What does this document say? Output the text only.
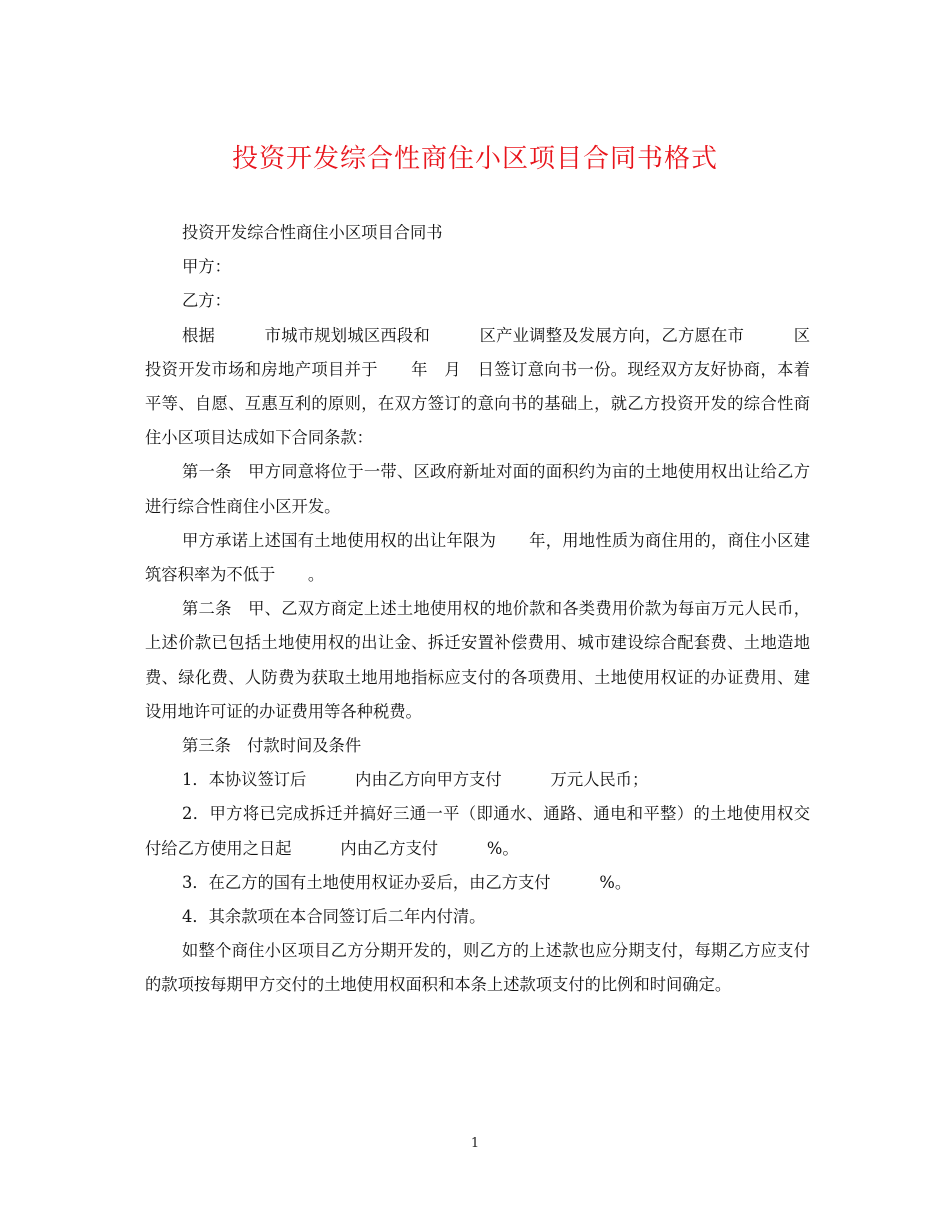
投资开发综合性商住小区项目合同书格式

投资开发综合性商住小区项目合同书

甲方：

乙方：

根据　　　市城市规划城区西段和　　　区产业调整及发展方向，乙方愿在市　　　区投资开发市场和房地产项目并于　　年　月　日签订意向书一份。现经双方友好协商，本着平等、自愿、互惠互利的原则，在双方签订的意向书的基础上，就乙方投资开发的综合性商住小区项目达成如下合同条款：

第一条　甲方同意将位于一带、区政府新址对面的面积约为亩的土地使用权出让给乙方进行综合性商住小区开发。

甲方承诺上述国有土地使用权的出让年限为　　年，用地性质为商住用的，商住小区建筑容积率为不低于　　。

第二条　甲、乙双方商定上述土地使用权的地价款和各类费用价款为每亩万元人民币，上述价款已包括土地使用权的出让金、拆迁安置补偿费用、城市建设综合配套费、土地造地费、绿化费、人防费为获取土地用地指标应支付的各项费用、土地使用权证的办证费用、建设用地许可证的办证费用等各种税费。

第三条　付款时间及条件

1．本协议签订后　　　内由乙方向甲方支付　　　万元人民币；

2．甲方将已完成拆迁并搞好三通一平（即通水、通路、通电和平整）的土地使用权交付给乙方使用之日起　　　内由乙方支付　　　%。

3．在乙方的国有土地使用权证办妥后，由乙方支付　　　%。

4．其余款项在本合同签订后二年内付清。

如整个商住小区项目乙方分期开发的，则乙方的上述款也应分期支付，每期乙方应支付的款项按每期甲方交付的土地使用权面积和本条上述款项支付的比例和时间确定。

1
